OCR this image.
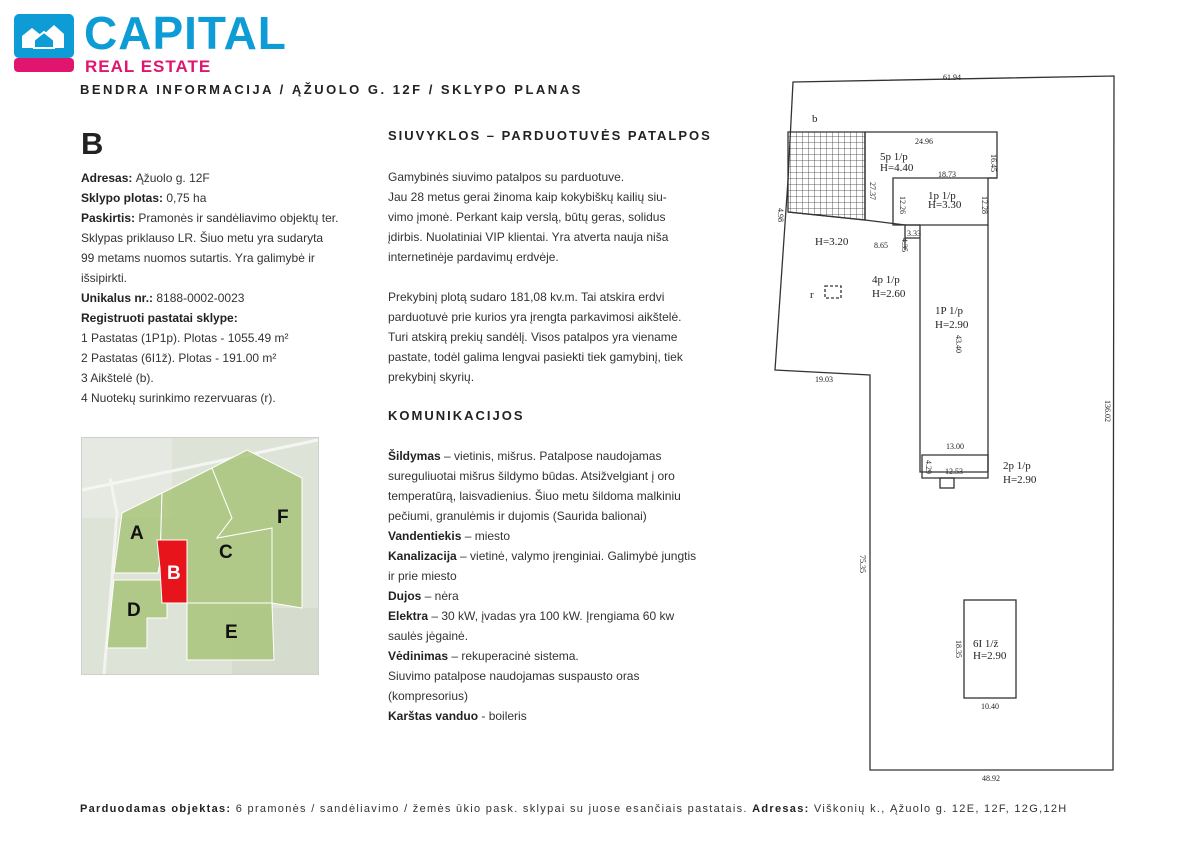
CAPITAL
REAL ESTATE
BENDRA INFORMACIJA / ĄŽUOLO G. 12F / SKLYPO PLANAS
B
Adresas: Ąžuolo g. 12F
Sklypo plotas: 0,75 ha
Paskirtis: Pramonės ir sandėliavimo objektų ter.
Sklypas priklauso LR. Šiuo metu yra sudaryta
99 metams nuomos sutartis. Yra galimybė ir
išsipirkti.
Unikalus nr.: 8188-0002-0023
Registruoti pastatai sklype:
1 Pastatas (1P1p). Plotas - 1055.49 m²
2 Pastatas (6I1ž). Plotas - 191.00 m²
3 Aikštelė (b).
4 Nuotekų surinkimo rezervuaras (r).
A
B
C
D
E
F
SIUVYKLOS – PARDUOTUVĖS PATALPOS
Gamybinės siuvimo patalpos su parduotuve.
Jau 28 metus gerai žinoma kaip kokybiškų kailių siu-
vimo įmonė. Perkant kaip verslą, būtų geras, solidus
įdirbis. Nuolatiniai VIP klientai. Yra atverta nauja niša
internetinėje pardavimų erdvėje.
Prekybinį plotą sudaro 181,08 kv.m. Tai atskira erdvi
parduotuvė prie kurios yra įrengta parkavimosi aikštelė.
Turi atskirą prekių sandėlį. Visos patalpos yra viename
pastate, todėl galima lengvai pasiekti tiek gamybinį, tiek
prekybinį skyrių.
KOMUNIKACIJOS
Šildymas – vietinis, mišrus. Patalpose naudojamas
sureguliuotai mišrus šildymo būdas. Atsižvelgiant į oro
temperatūrą, laisvadienius. Šiuo metu šildoma malkiniu
pečiumi, granulėmis ir dujomis (Saurida balionai)
Vandentiekis – miesto
Kanalizacija – vietinė, valymo įrenginiai. Galimybė jungtis
ir prie miesto
Dujos – nėra
Elektra – 30 kW, įvadas yra 100 kW. Įrengiama 60 kw
saulės jėgainė.
Vėdinimas – rekuperacinė sistema.
Siuvimo patalpose naudojamas suspausto oras
(kompresorius)
Karštas vanduo - boileris
61.94
136.02
48.92
75.35
19.03
24.96
16.45
18.73
27.37
12.26	12.28
3.33
4.35
8.65
43.40
13.00
12.53
4.29
18.35
10.40
4.98
b
r
5p 1/p
H=4.40
1p 1/p
H=3.30
H=3.20
4p 1/p
H=2.60
1P 1/p
H=2.90
2p 1/p
H=2.90
6I 1/ž
H=2.90
Parduodamas objektas: 6 pramonės / sandėliavimo / žemės ūkio pask. sklypai su juose esančiais pastatais. Adresas: Viškonių k., Ąžuolo g. 12E, 12F, 12G,12H
